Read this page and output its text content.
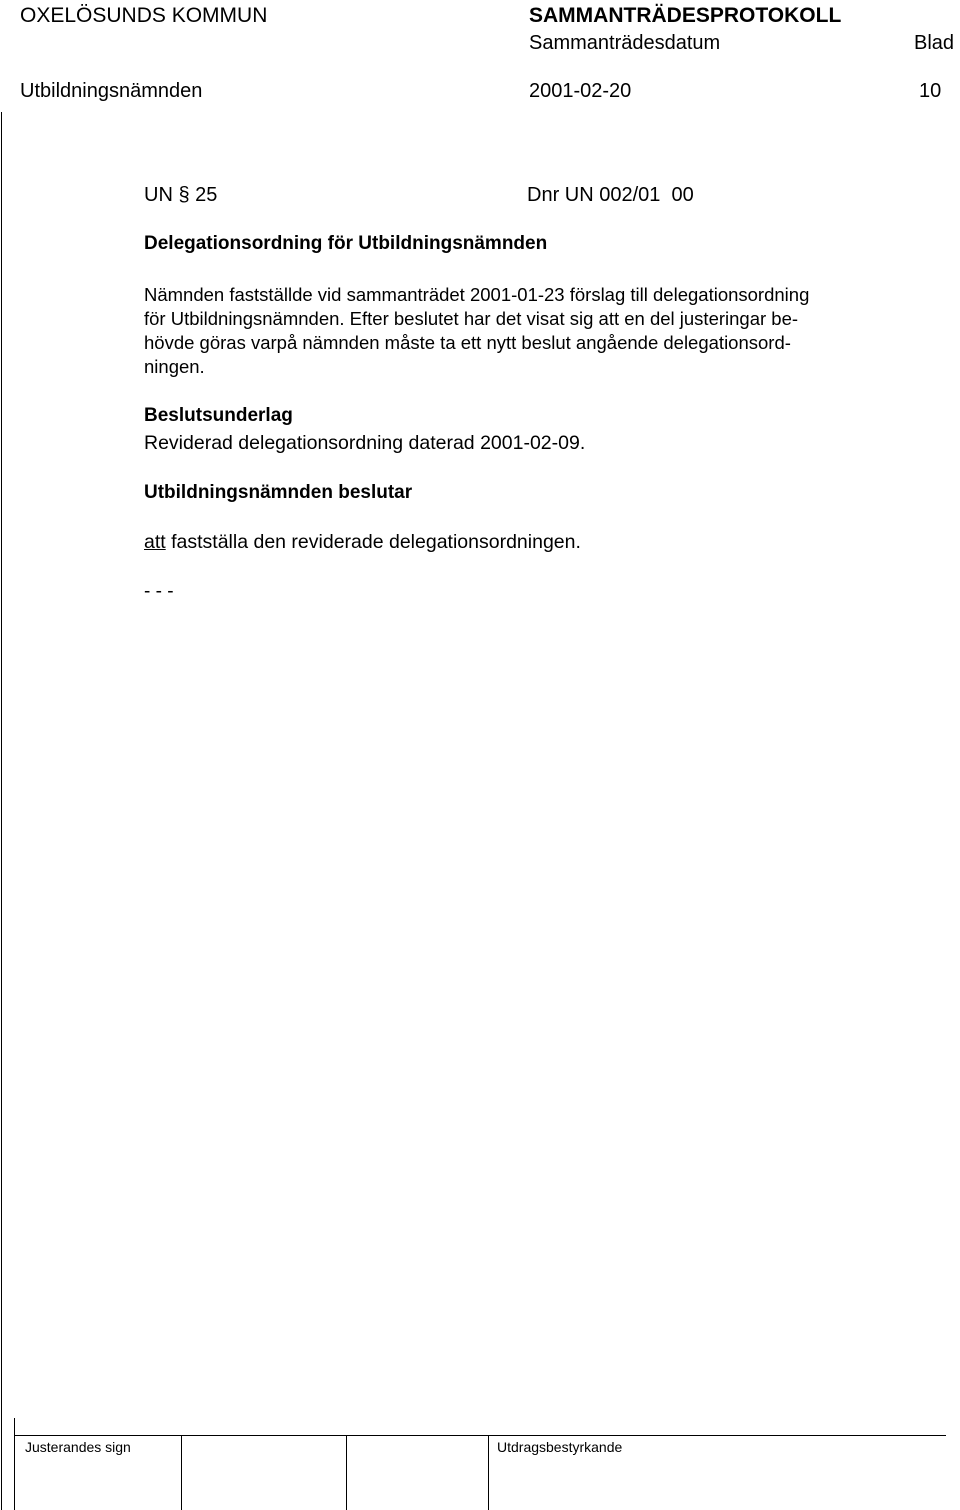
OXELÖSUNDS KOMMUN	SAMMANTRÄDESPROTOKOLL
Sammanträdesdatum	Blad
Utbildningsnämnden	2001-02-20	10
UN § 25	Dnr UN 002/01  00
Delegationsordning för Utbildningsnämnden
Nämnden fastställde vid sammanträdet 2001-01-23 förslag till delegationsordning
för Utbildningsnämnden. Efter beslutet har det visat sig att en del justeringar be-
hövde göras varpå nämnden måste ta ett nytt beslut angående delegationsord-
ningen.
Beslutsunderlag
Reviderad delegationsordning daterad 2001-02-09.
Utbildningsnämnden beslutar
att fastställa den reviderade delegationsordningen.
- - -
Justerandes sign	Utdragsbestyrkande
